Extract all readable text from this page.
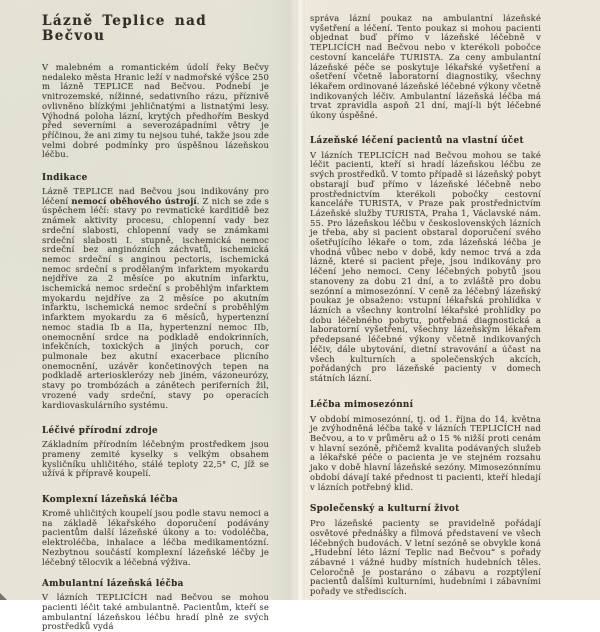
Lázně Teplice nad Bečvou

V malebném a romantickém údolí řeky Bečvy nedaleko města Hranic leží v nadmořské výšce 250 m lázně TEPLICE nad Bečvou. Podnebí je vnitrozemské, nížinné, sedativního rázu, příznivě ovlivněno blízkými jehličnatými a listnatými lesy. Výhodná poloha lázní, krytých předhořím Beskyd před severními a severozápadními větry je příčinou, že ani zimy tu nejsou tuhé, takže jsou zde velmi dobré podmínky pro úspěšnou lázeňskou léčbu.

Indikace

Lázně TEPLICE nad Bečvou jsou indikovány pro léčení nemocí oběhového ústrojí. Z nich se zde s úspěchem léčí: stavy po revmatické karditidě bez známek aktivity procesu, chlopenní vady bez srdeční slabosti, chlopenní vady se známkami srdeční slabosti I. stupně, ischemická nemoc srdeční bez anginózních záchvatů, ischemická nemoc srdeční s anginou pectoris, ischemická nemoc srdeční s prodělaným infarktem myokardu nejdříve za 2 měsíce po akutním infarktu, ischemická nemoc srdeční s proběhlým infarktem myokardu nejdříve za 2 měsíce po akutním infarktu, ischemická nemoc srdeční s proběhlým infarktem myokardu za 6 měsíců, hypertenzní nemoc stadia Ib a IIa, hypertenzní nemoc IIb, onemocnění srdce na podkladě endokrinních, infekčních, toxických a jiných poruch, cor pulmonale bez akutní exacerbace plicního onemocnění, uzávěr končetinových tepen na podkladě arteriosklerózy neb jiném, vázoneurózy, stavy po trombózách a zánětech periferních žil, vrozené vady srdeční, stavy po operacích kardiovaskulárního systému.

Léčivé přírodní zdroje

Základním přírodním léčebným prostředkem jsou prameny zemité kyselky s velkým obsahem kysličníku uhličitého, stálé teploty 22,5° C, jíž se užívá k přípravě koupelí.

Komplexní lázeňská léčba

Kromě uhličitých koupelí jsou podle stavu nemoci a na základě lékařského doporučení podávány pacientům další lázeňské úkony a to: vodoléčba, elektroléčba, inhalace a léčba medikamentózní. Nezbytnou součástí komplexní lázeňské léčby je léčebný tělocvik a léčebná výživa.

Ambulantní lázeňská léčba

V lázních TEPLICÍCH nad Bečvou se mohou pacienti léčit také ambulantně. Pacientům, kteří se ambulantní lázeňskou léčbu hradí plně ze svých prostředků vydá

správa lázní poukaz na ambulantní lázeňské vyšetření a léčení. Tento poukaz si mohou pacienti objednat buď přímo v lázeňské léčebně v TEPLICÍCH nad Bečvou nebo v kterékoli pobočce cestovní kanceláře TURISTA. Za ceny ambulantní lázeňské péče se poskytuje lékařské vyšetření a ošetření včetně laboratorní diagnostiky, všechny lékařem ordinované lázeňské léčebné výkony včetně indikovaných léčiv. Ambulantní lázeňská léčba má trvat zpravidla aspoň 21 dní, mají-li být léčebné úkony úspěšné.

Lázeňské léčení pacientů na vlastní účet

V lázních TEPLICÍCH nad Bečvou mohou se také léčit pacienti, kteří si hradí lázeňskou léčbu ze svých prostředků. V tomto případě si lázeňský pobyt obstarají buď přímo v lázeňské léčebně nebo prostřednictvím kterékoli pobočky cestovní kanceláře TURISTA, v Praze pak prostřednictvím Lázeňské služby TURISTA, Praha 1, Václavské nám. 55. Pro lázeňskou léčbu v československých lázních je třeba, aby si pacient obstaral doporučení svého ošetřujícího lékaře o tom, zda lázeňská léčba je vhodná vůbec nebo v době, kdy nemoc trvá a zda lázně, které si pacient přeje, jsou indikovány pro léčení jeho nemoci. Ceny léčebných pobytů jsou stanoveny za dobu 21 dní, a to zvláště pro dobu sezónní a mimosezónní. V ceně za léčebný lázeňský poukaz je obsaženo: vstupní lékařská prohlídka v lázních a všechny kontrolní lékařské prohlídky po dobu léčebného pobytu, potřebná diagnostická a laboratorní vyšetření, všechny lázeňským lékařem předepsané léčebné výkony včetně indikovaných léčiv, dále ubytování, dietní stravování a účast na všech kulturních a společenských akcích, pořádaných pro lázeňské pacienty v domech státních lázní.

Léčba mimosezónní

V období mimosezónní, tj. od 1. října do 14. května je zvýhodněná léčba také v lázních TEPLICÍCH nad Bečvou, a to v průměru až o 15 % nižší proti cenám v hlavní sezóně, přičemž kvalita podávaných služeb a lékařské péče o pacienta je ve stejném rozsahu jako v době hlavní lázeňské sezóny. Mimosezónnímu období dávají také přednost ti pacienti, kteří hledají v lázních potřebný klid.

Společenský a kulturní život

Pro lázeňské pacienty se pravidelně pořádají osvětové přednášky a filmová představení ve všech léčebných budovách. V letní sezóně se obvykle koná „Hudební léto lázní Teplic nad Bečvou“ s pořady zábavné i vážné hudby místních hudebních těles. Celoročně je postaráno o zábavu a rozptýlení pacientů dalšími kulturními, hudebními i zábavními pořady ve střediscích.
